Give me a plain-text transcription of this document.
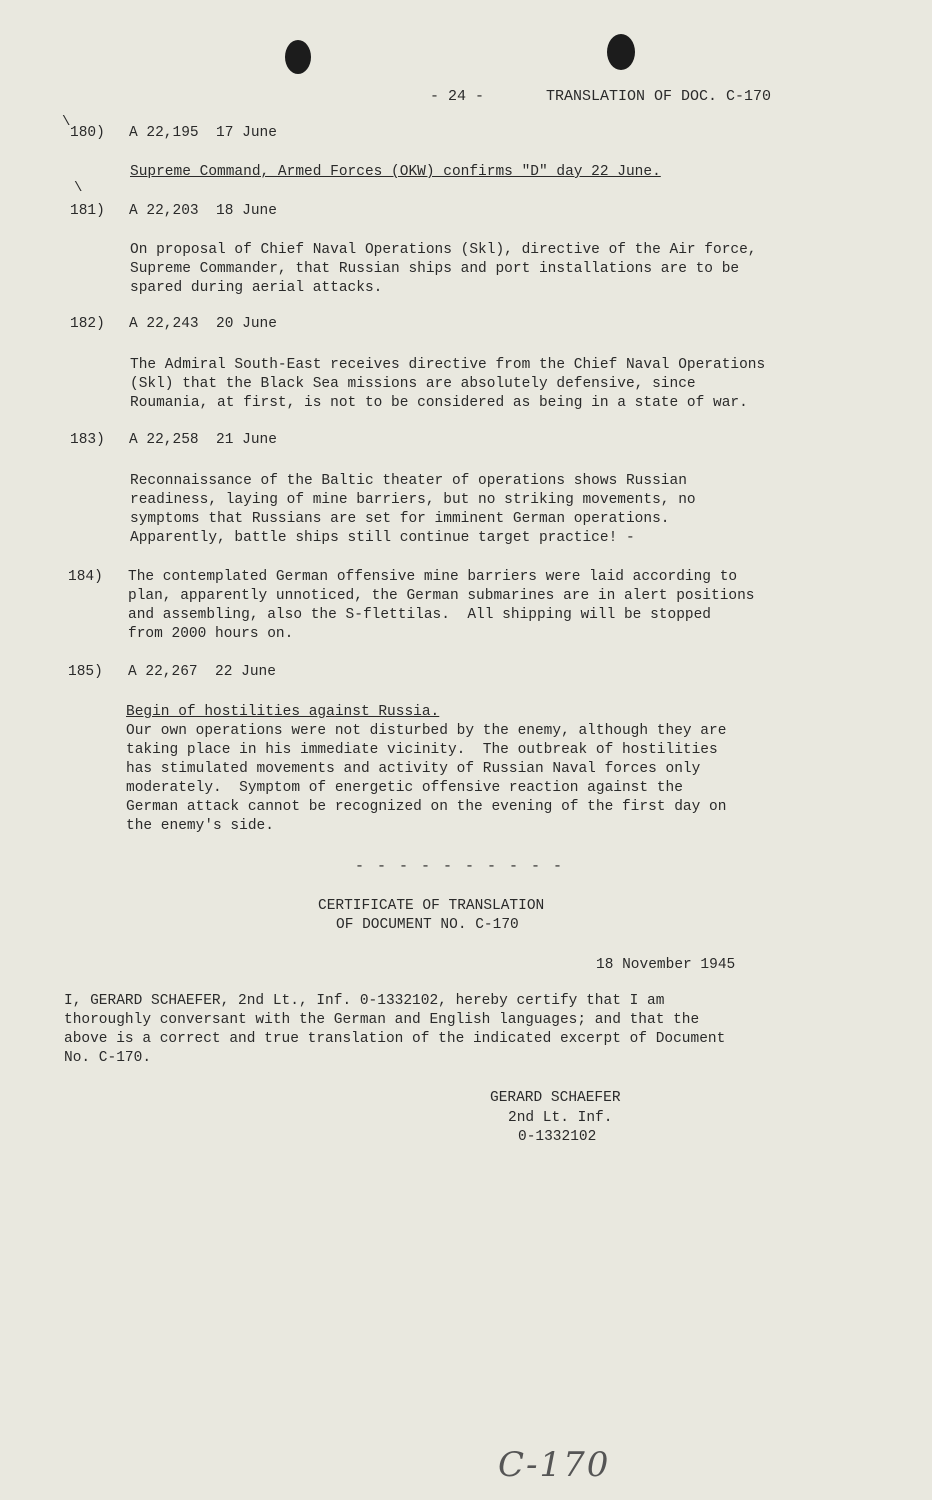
- 24 -	TRANSLATION OF DOC. C-170
\
\
180) A 22,195  17 June
Supreme Command, Armed Forces (OKW) confirms "D" day 22 June.
181) A 22,203  18 June
On proposal of Chief Naval Operations (Skl), directive of the Air force,
Supreme Commander, that Russian ships and port installations are to be
spared during aerial attacks.
182) A 22,243  20 June
The Admiral South-East receives directive from the Chief Naval Operations
(Skl) that the Black Sea missions are absolutely defensive, since
Roumania, at first, is not to be considered as being in a state of war.
183) A 22,258  21 June
Reconnaissance of the Baltic theater of operations shows Russian
readiness, laying of mine barriers, but no striking movements, no
symptoms that Russians are set for imminent German operations.
Apparently, battle ships still continue target practice! -
184) The contemplated German offensive mine barriers were laid according to
plan, apparently unnoticed, the German submarines are in alert positions
and assembling, also the S-flettilas.  All shipping will be stopped
from 2000 hours on.
185) A 22,267  22 June
Begin of hostilities against Russia.
Our own operations were not disturbed by the enemy, although they are
taking place in his immediate vicinity.  The outbreak of hostilities
has stimulated movements and activity of Russian Naval forces only
moderately.  Symptom of energetic offensive reaction against the
German attack cannot be recognized on the evening of the first day on
the enemy's side.
- - - - - - - - - -
CERTIFICATE OF TRANSLATION
OF DOCUMENT NO. C-170
18 November 1945
I, GERARD SCHAEFER, 2nd Lt., Inf. 0-1332102, hereby certify that I am
thoroughly conversant with the German and English languages; and that the
above is a correct and true translation of the indicated excerpt of Document
No. C-170.
GERARD SCHAEFER
2nd Lt. Inf.
0-1332102
C-170
